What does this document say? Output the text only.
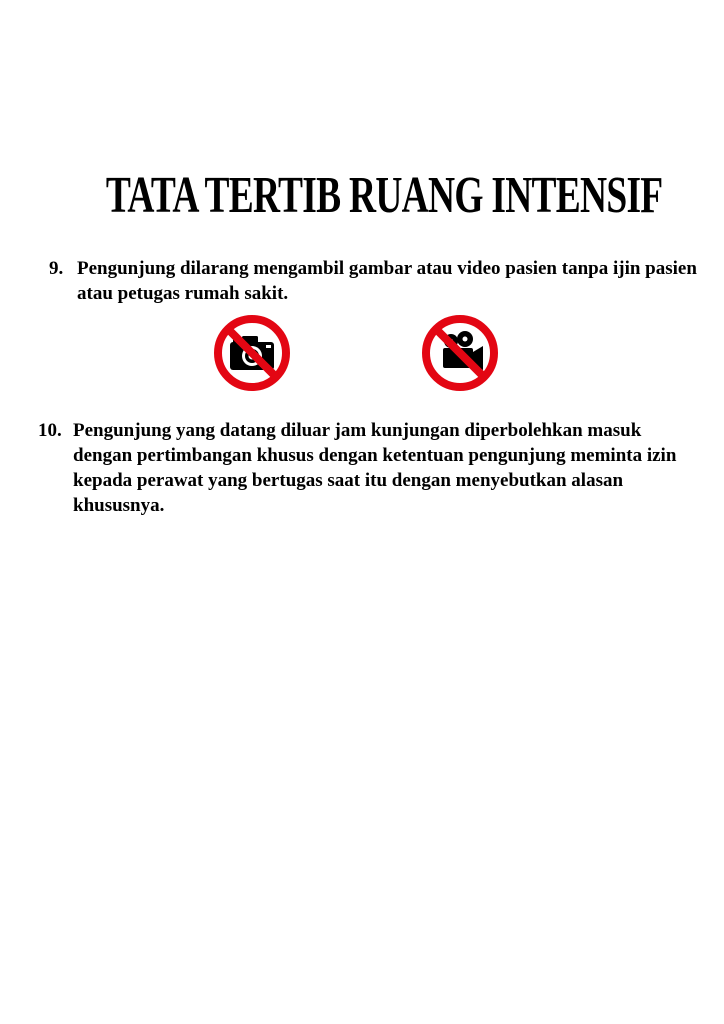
TATA TERTIB RUANG INTENSIF
9. Pengunjung dilarang mengambil gambar atau video pasien tanpa ijin pasien atau petugas rumah sakit.
10. Pengunjung yang datang diluar jam kunjungan diperbolehkan masuk dengan pertimbangan khusus dengan ketentuan pengunjung meminta izin kepada perawat yang bertugas saat itu dengan menyebutkan alasan khususnya.
